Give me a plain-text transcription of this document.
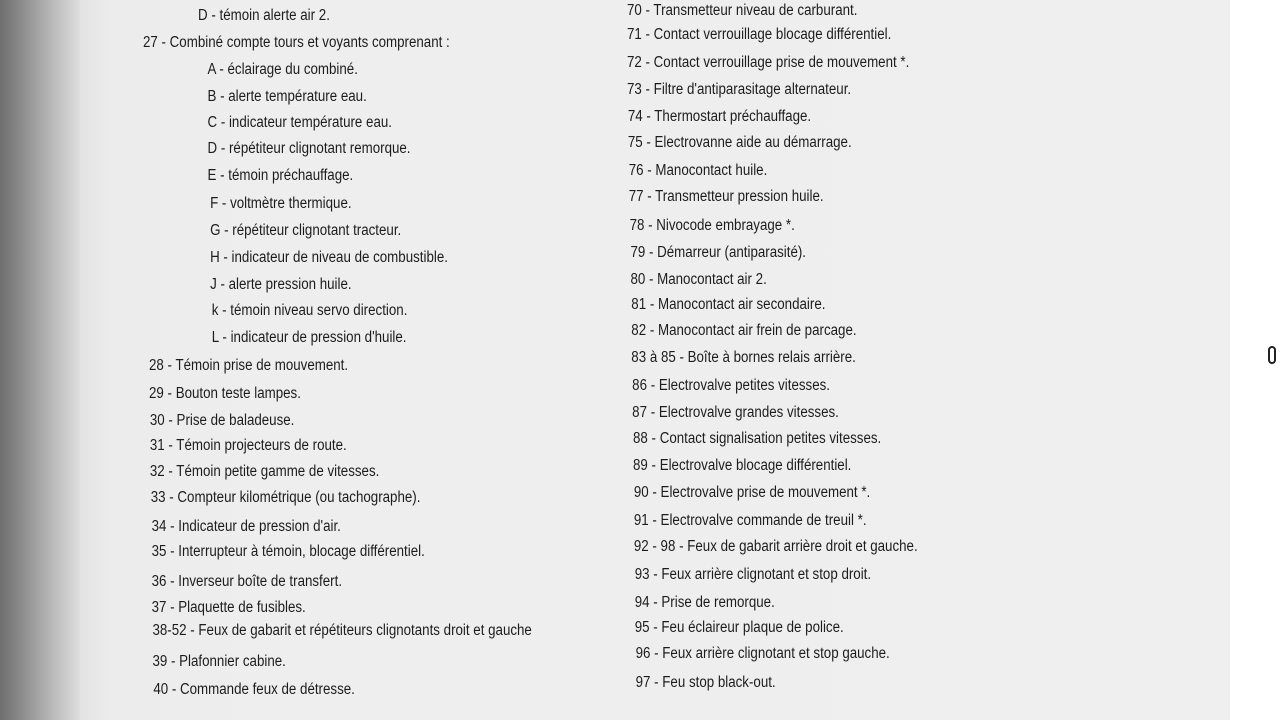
D - témoin alerte air 2.
27 - Combiné compte tours et voyants comprenant :
A - éclairage du combiné.
B - alerte température eau.
C - indicateur température eau.
D - répétiteur clignotant remorque.
E - témoin préchauffage.
F - voltmètre thermique.
G - répétiteur clignotant tracteur.
H - indicateur de niveau de combustible.
J - alerte pression huile.
k - témoin niveau servo direction.
L - indicateur de pression d'huile.
28 - Témoin prise de mouvement.
29 - Bouton teste lampes.
30 - Prise de baladeuse.
31 - Témoin projecteurs de route.
32 - Témoin petite gamme de vitesses.
33 - Compteur kilométrique (ou tachographe).
34 - Indicateur de pression d'air.
35 - Interrupteur à témoin, blocage différentiel.
36 - Inverseur boîte de transfert.
37 - Plaquette de fusibles.
38-52 - Feux de gabarit et répétiteurs clignotants droit et gauche
39 - Plafonnier cabine.
40 - Commande feux de détresse.
70 - Transmetteur niveau de carburant.
71 - Contact verrouillage blocage différentiel.
72 - Contact verrouillage prise de mouvement *.
73 - Filtre d'antiparasitage alternateur.
74 - Thermostart préchauffage.
75 - Electrovanne aide au démarrage.
76 - Manocontact huile.
77 - Transmetteur pression huile.
78 - Nivocode embrayage *.
79 - Démarreur (antiparasité).
80 - Manocontact air 2.
81 - Manocontact air secondaire.
82 - Manocontact air frein de parcage.
83 à 85 - Boîte à bornes relais arrière.
86 - Electrovalve petites vitesses.
87 - Electrovalve grandes vitesses.
88 - Contact signalisation petites vitesses.
89 - Electrovalve blocage différentiel.
90 - Electrovalve prise de mouvement *.
91 - Electrovalve commande de treuil *.
92 - 98 - Feux de gabarit arrière droit et gauche.
93 - Feux arrière clignotant et stop droit.
94 - Prise de remorque.
95 - Feu éclaireur plaque de police.
96 - Feux arrière clignotant et stop gauche.
97 - Feu stop black-out.
